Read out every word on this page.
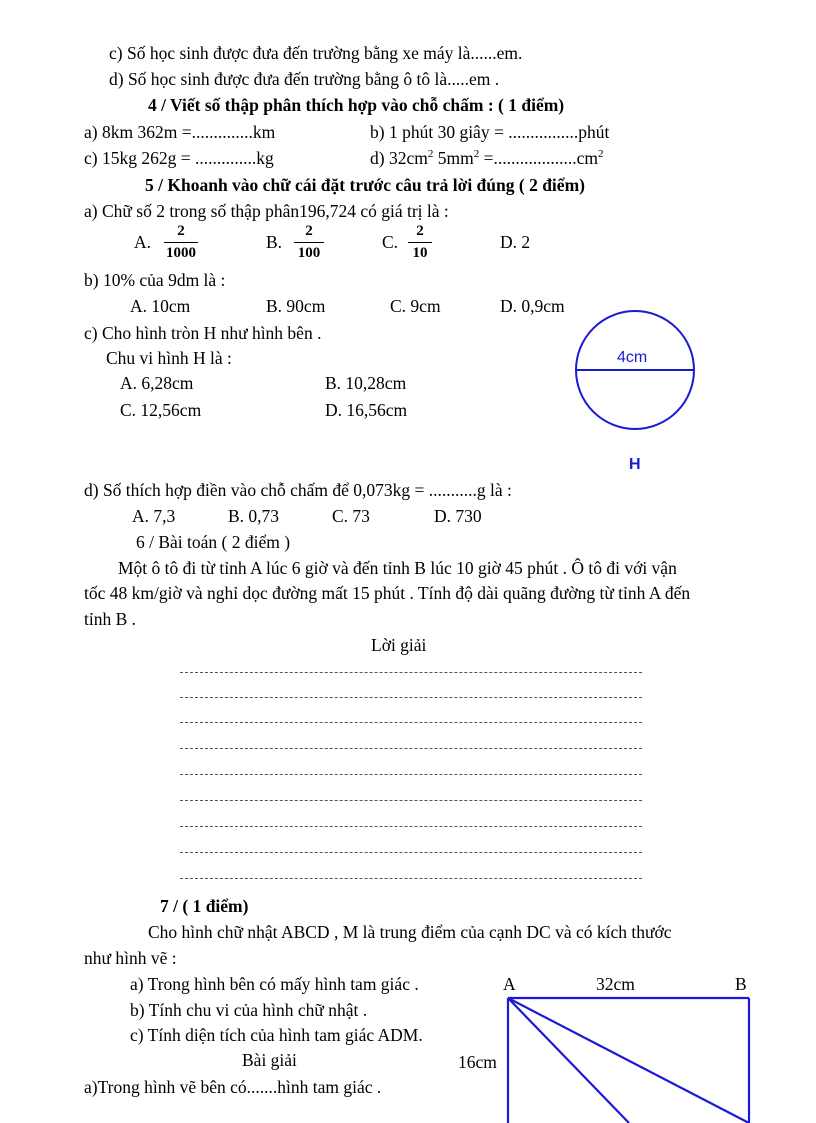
c) Số học sinh được đưa đến trường bằng xe máy là......em.
d) Số học sinh được đưa đến trường bằng ô tô là.....em .
4 / Viết số thập phân thích hợp vào chỗ chấm : ( 1 điểm)
a) 8km 362m =..............km	b) 1 phút 30 giây = ................phút
c) 15kg 262g = ..............kg	d) $32cm^2$ $5mm^2 =...................cm^2$
5 / Khoanh vào chữ cái đặt trước câu trả lời đúng ( 2 điểm)
a) Chữ số 2 trong số thập phân196,724 có giá trị là :
A. $\frac{2}{1000}$	B. $\frac{2}{100}$	C. $\frac{2}{10}$	D. 2
b) 10% của 9dm là :
A. 10cm	B. 90cm	C. 9cm	D. 0,9cm
c) Cho hình tròn H như hình bên .
Chu vi hình H là :
A. 6,28cm	B. 10,28cm
C. 12,56cm	D. 16,56cm
4cm
H
d) Số thích hợp điền vào chỗ chấm để 0,073kg = ...........g là :
A. 7,3	B. 0,73	C. 73	D. 730
6 / Bài toán ( 2 điểm )
Một ô tô đi từ tỉnh A lúc 6 giờ và đến tỉnh B lúc 10 giờ 45 phút . Ô tô đi với vận
tốc 48 km/giờ và nghỉ dọc đường mất 15 phút . Tính độ dài quãng đường từ tỉnh A đến
tỉnh B .
Lời giải
7 / ( 1 điểm)
Cho hình chữ nhật ABCD , M là trung điểm của cạnh DC và có kích thước
như hình vẽ :
a) Trong hình bên có mấy hình tam giác .
b) Tính chu vi của hình chữ nhật .
c) Tính diện tích của hình tam giác ADM.
Bài giải
a)Trong hình vẽ bên có.......hình tam giác .
A	32cm	B
16cm
